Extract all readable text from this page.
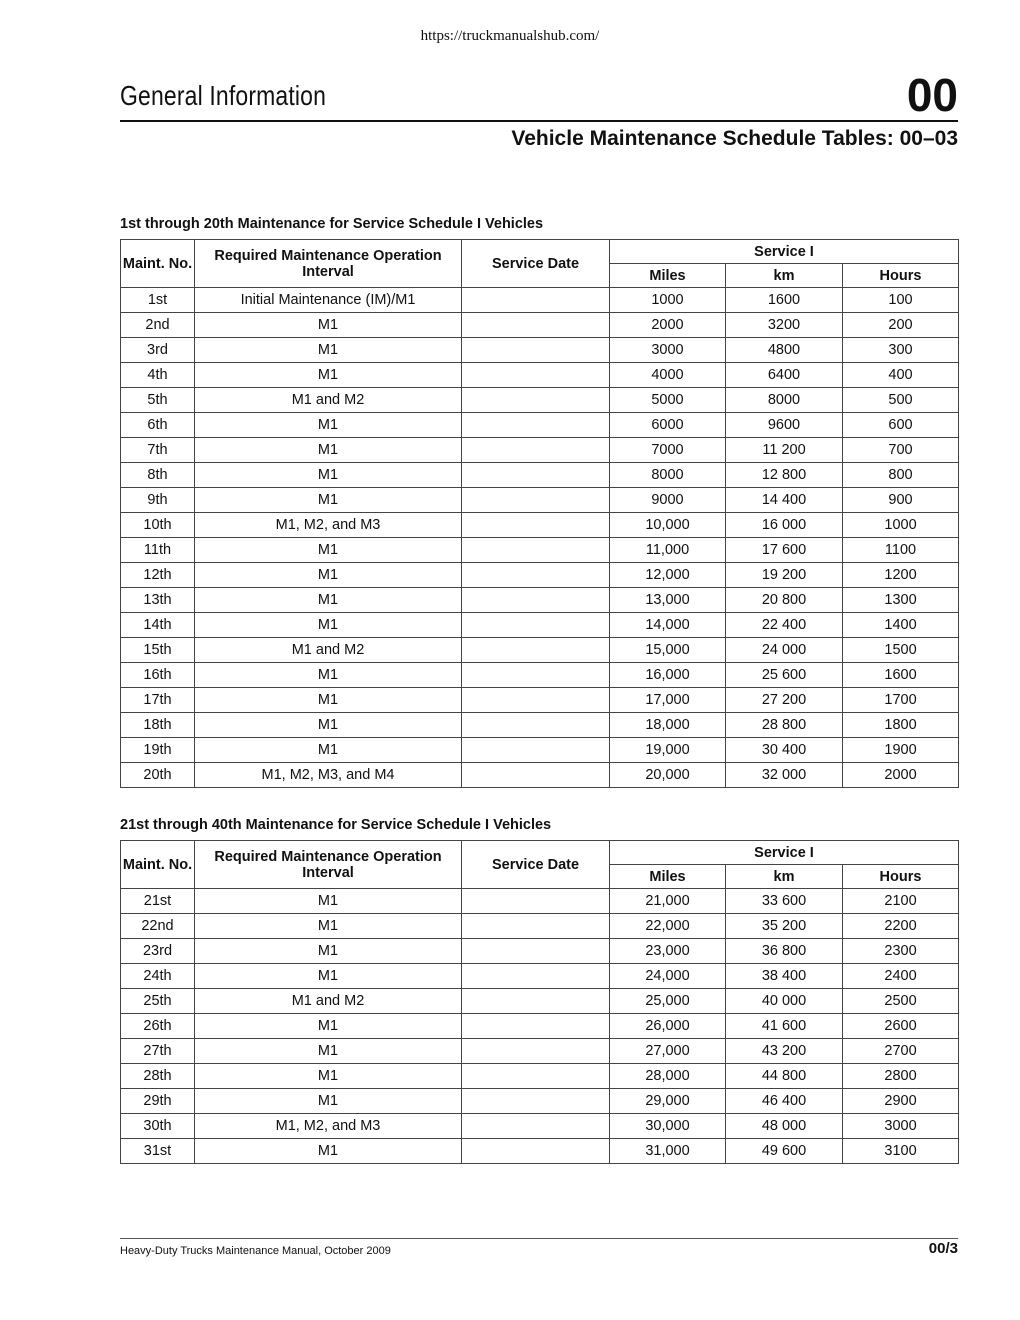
https://truckmanualshub.com/
General Information	00
Vehicle Maintenance Schedule Tables: 00–03
1st through 20th Maintenance for Service Schedule I Vehicles
Maint. No.	Required Maintenance Operation Interval	Service Date	Service I		
			Miles	km	Hours
1st	Initial Maintenance (IM)/M1		1000	1600	100
2nd	M1		2000	3200	200
3rd	M1		3000	4800	300
4th	M1		4000	6400	400
5th	M1 and M2		5000	8000	500
6th	M1		6000	9600	600
7th	M1		7000	11 200	700
8th	M1		8000	12 800	800
9th	M1		9000	14 400	900
10th	M1, M2, and M3		10,000	16 000	1000
11th	M1		11,000	17 600	1100
12th	M1		12,000	19 200	1200
13th	M1		13,000	20 800	1300
14th	M1		14,000	22 400	1400
15th	M1 and M2		15,000	24 000	1500
16th	M1		16,000	25 600	1600
17th	M1		17,000	27 200	1700
18th	M1		18,000	28 800	1800
19th	M1		19,000	30 400	1900
20th	M1, M2, M3, and M4		20,000	32 000	2000
21st through 40th Maintenance for Service Schedule I Vehicles
Maint. No.	Required Maintenance Operation Interval	Service Date	Service I		
			Miles	km	Hours
21st	M1		21,000	33 600	2100
22nd	M1		22,000	35 200	2200
23rd	M1		23,000	36 800	2300
24th	M1		24,000	38 400	2400
25th	M1 and M2		25,000	40 000	2500
26th	M1		26,000	41 600	2600
27th	M1		27,000	43 200	2700
28th	M1		28,000	44 800	2800
29th	M1		29,000	46 400	2900
30th	M1, M2, and M3		30,000	48 000	3000
31st	M1		31,000	49 600	3100
Heavy-Duty Trucks Maintenance Manual, October 2009	00/3
